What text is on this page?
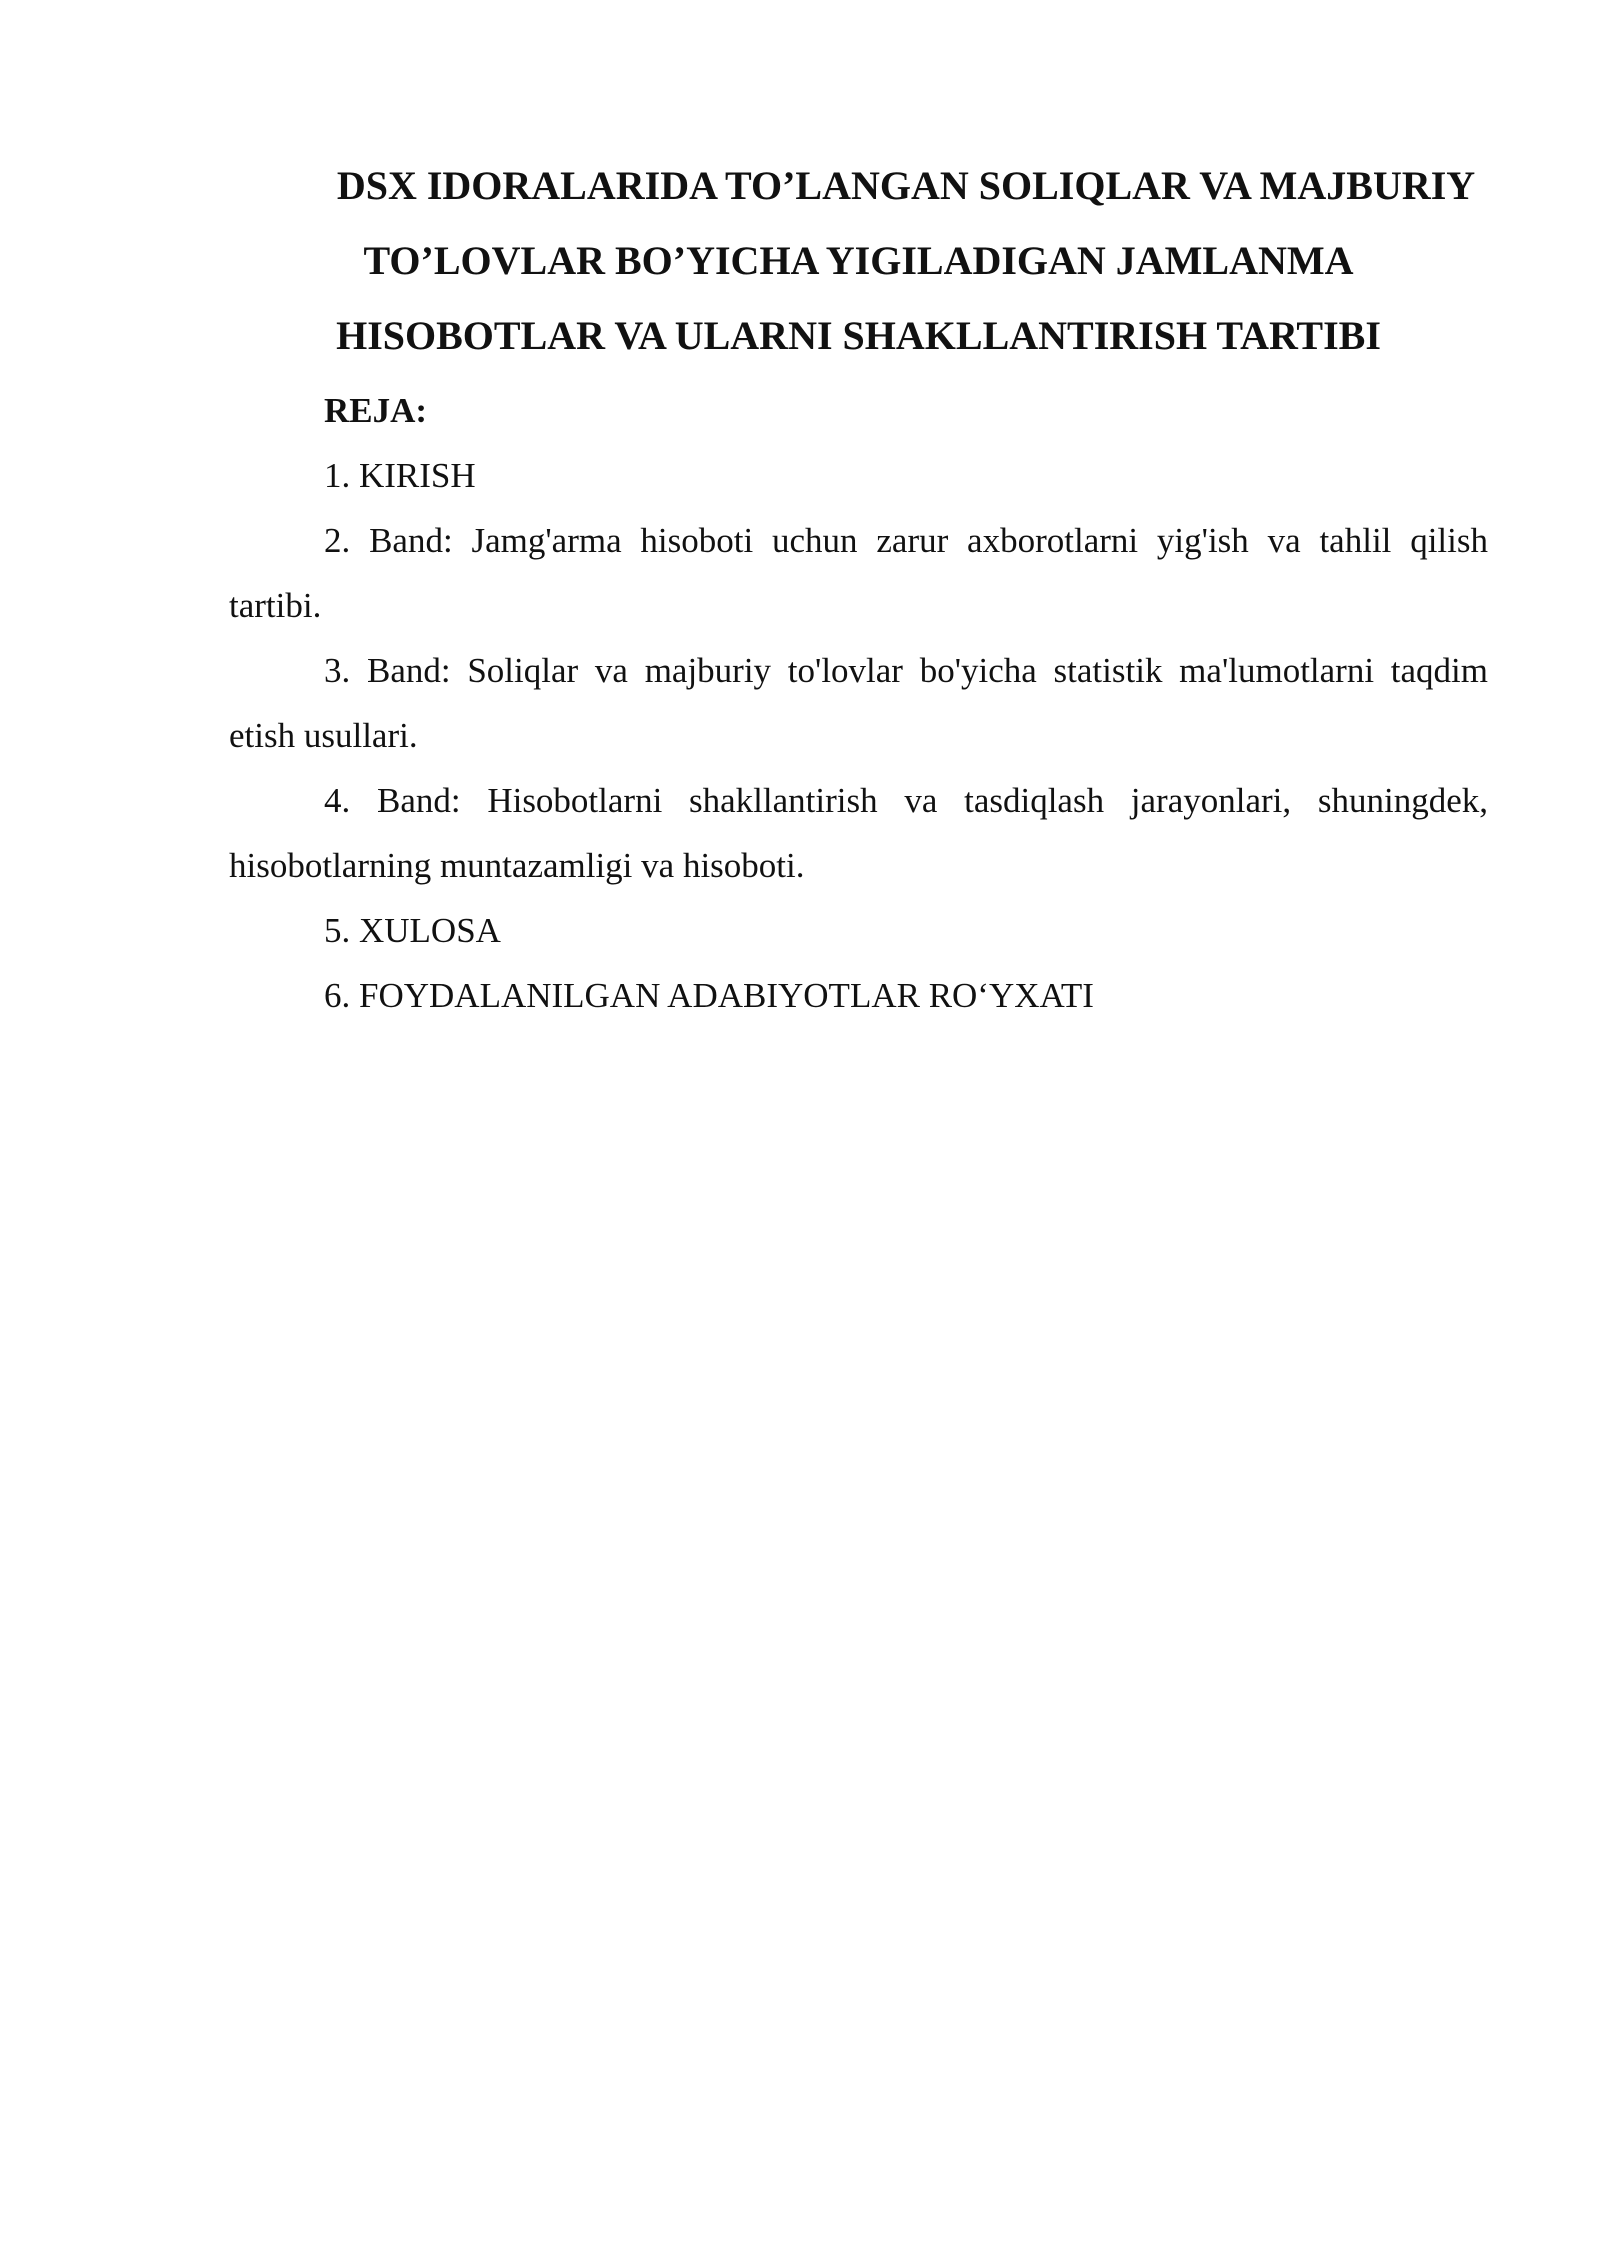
DSX IDORALARIDA TO’LANGAN SOLIQLAR VA MAJBURIY TO’LOVLAR BO’YICHA YIGILADIGAN JAMLANMA HISOBOTLAR VA ULARNI SHAKLLANTIRISH TARTIBI

REJA:

1. KIRISH

2. Band: Jamg'arma hisoboti uchun zarur axborotlarni yig'ish va tahlil qilish tartibi.

3. Band: Soliqlar va majburiy to'lovlar bo'yicha statistik ma'lumotlarni taqdim etish usullari.

4. Band: Hisobotlarni shakllantirish va tasdiqlash jarayonlari, shuningdek, hisobotlarning muntazamligi va hisoboti.

5. XULOSA

6. FOYDALANILGAN ADABIYOTLAR RO‘YXATI
